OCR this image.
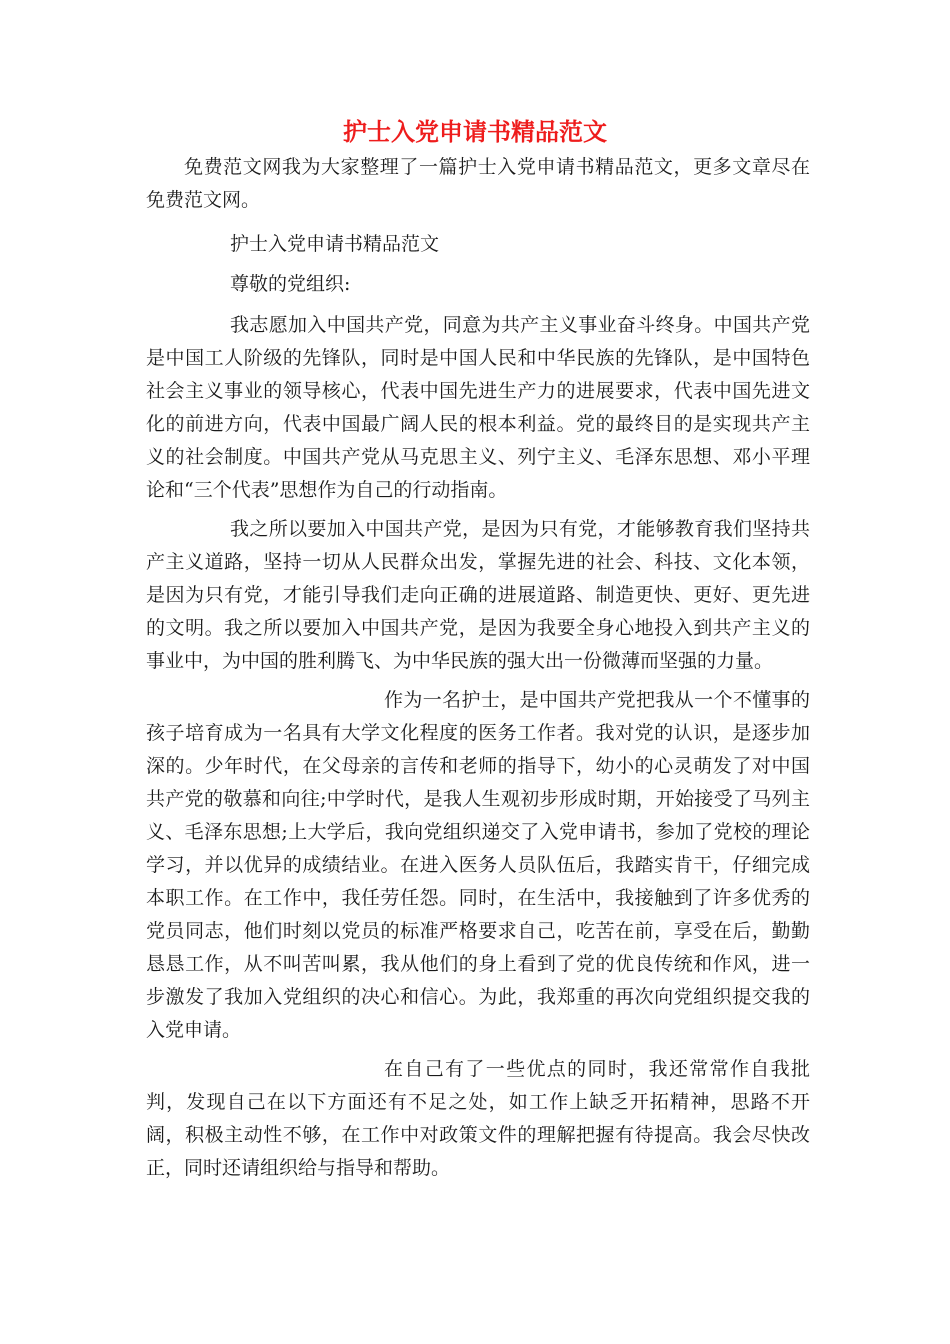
护士入党申请书精品范文

免费范文网我为大家整理了一篇护士入党申请书精品范文，更多文章尽在免费范文网。

护士入党申请书精品范文

尊敬的党组织:

我志愿加入中国共产党，同意为共产主义事业奋斗终身。中国共产党是中国工人阶级的先锋队，同时是中国人民和中华民族的先锋队，是中国特色社会主义事业的领导核心，代表中国先进生产力的进展要求，代表中国先进文化的前进方向，代表中国最广阔人民的根本利益。党的最终目的是实现共产主义的社会制度。中国共产党从马克思主义、列宁主义、毛泽东思想、邓小平理论和“三个代表”思想作为自己的行动指南。

我之所以要加入中国共产党，是因为只有党，才能够教育我们坚持共产主义道路，坚持一切从人民群众出发，掌握先进的社会、科技、文化本领，是因为只有党，才能引导我们走向正确的进展道路、制造更快、更好、更先进的文明。我之所以要加入中国共产党，是因为我要全身心地投入到共产主义的事业中，为中国的胜利腾飞、为中华民族的强大出一份微薄而坚强的力量。

作为一名护士，是中国共产党把我从一个不懂事的孩子培育成为一名具有大学文化程度的医务工作者。我对党的认识，是逐步加深的。少年时代，在父母亲的言传和老师的指导下，幼小的心灵萌发了对中国共产党的敬慕和向往;中学时代，是我人生观初步形成时期，开始接受了马列主义、毛泽东思想;上大学后，我向党组织递交了入党申请书，参加了党校的理论学习，并以优异的成绩结业。在进入医务人员队伍后，我踏实肯干，仔细完成本职工作。在工作中，我任劳任怨。同时，在生活中，我接触到了许多优秀的党员同志，他们时刻以党员的标准严格要求自己，吃苦在前，享受在后，勤勤恳恳工作，从不叫苦叫累，我从他们的身上看到了党的优良传统和作风，进一步激发了我加入党组织的决心和信心。为此，我郑重的再次向党组织提交我的入党申请。

在自己有了一些优点的同时，我还常常作自我批判，发现自己在以下方面还有不足之处，如工作上缺乏开拓精神，思路不开阔，积极主动性不够，在工作中对政策文件的理解把握有待提高。我会尽快改正，同时还请组织给与指导和帮助。
